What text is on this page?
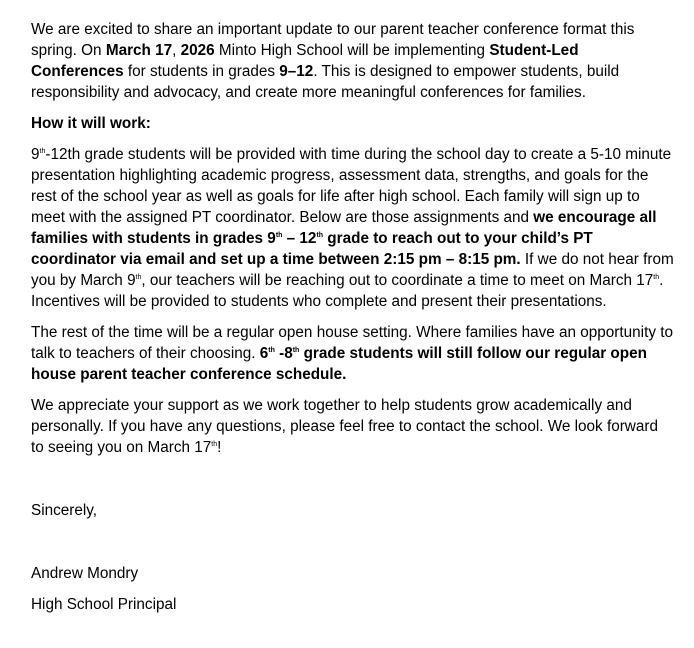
We are excited to share an important update to our parent teacher conference format this spring. On March 17, 2026 Minto High School will be implementing Student-Led Conferences for students in grades 9–12. This is designed to empower students, build responsibility and advocacy, and create more meaningful conferences for families.

How it will work:

9th-12th grade students will be provided with time during the school day to create a 5-10 minute presentation highlighting academic progress, assessment data, strengths, and goals for the rest of the school year as well as goals for life after high school. Each family will sign up to meet with the assigned PT coordinator. Below are those assignments and we encourage all families with students in grades 9th – 12th grade to reach out to your child’s PT coordinator via email and set up a time between 2:15 pm – 8:15 pm. If we do not hear from you by March 9th, our teachers will be reaching out to coordinate a time to meet on March 17th. Incentives will be provided to students who complete and present their presentations.

The rest of the time will be a regular open house setting. Where families have an opportunity to talk to teachers of their choosing. 6th -8th grade students will still follow our regular open house parent teacher conference schedule.

We appreciate your support as we work together to help students grow academically and personally. If you have any questions, please feel free to contact the school. We look forward to seeing you on March 17th!

Sincerely,

Andrew Mondry

High School Principal
